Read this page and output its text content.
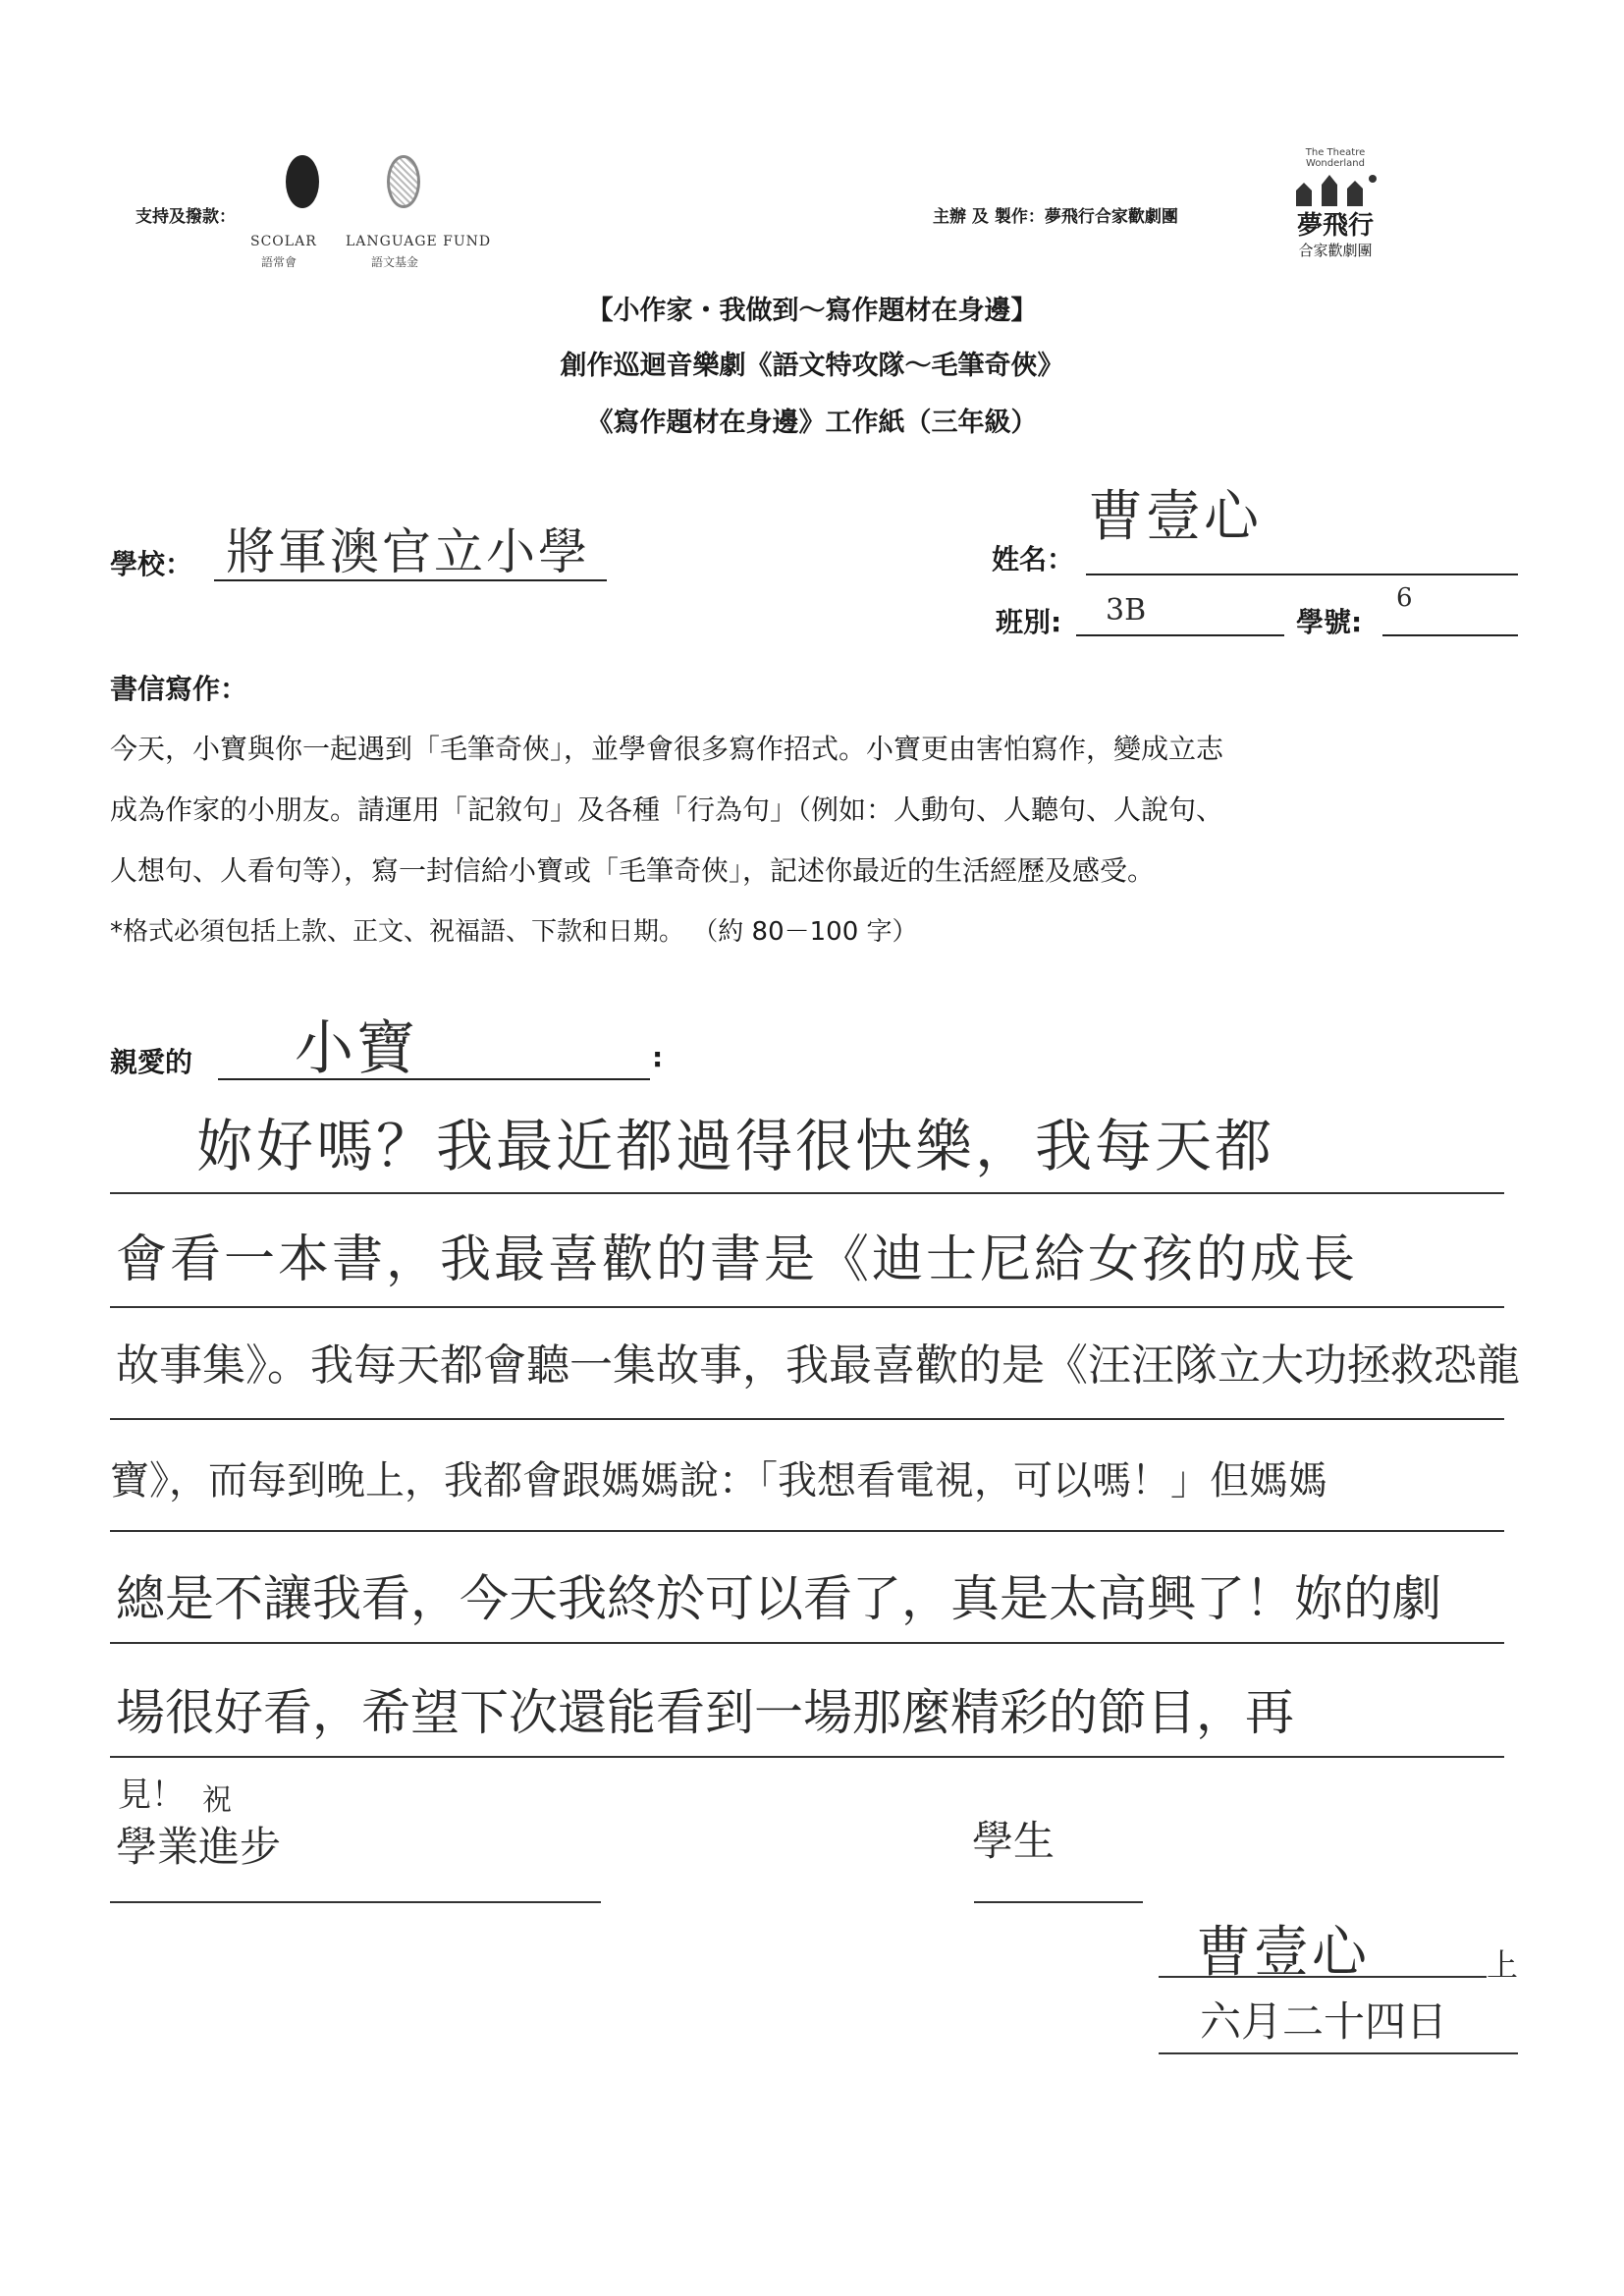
支持及撥款：
SCOLAR
語常會
LANGUAGE FUND
語文基金
主辦 及 製作：夢飛行合家歡劇團
The Theatre Wonderland
夢飛行
合家歡劇團
【小作家・我做到～寫作題材在身邊】
創作巡迴音樂劇《語文特攻隊～毛筆奇俠》
《寫作題材在身邊》工作紙（三年級）
學校： 將軍澳官立小學	姓名：
曹壹心
班別: 3B	學號:
6
書信寫作：
今天，小寶與你一起遇到「毛筆奇俠」，並學會很多寫作招式。小寶更由害怕寫作，變成立志
成為作家的小朋友。請運用「記敘句」及各種「行為句」（例如：人動句、人聽句、人說句、
人想句、人看句等），寫一封信給小寶或「毛筆奇俠」，記述你最近的生活經歷及感受。
*格式必須包括上款、正文、祝福語、下款和日期。 （約 80－100 字）
親愛的 小寶	:
妳好嗎？我最近都過得很快樂，我每天都
會看一本書，我最喜歡的書是《迪士尼給女孩的成長
故事集》。我每天都會聽一集故事，我最喜歡的是《汪汪隊立大功拯救恐龍
寶》，而每到晚上，我都會跟媽媽說：「我想看電視，可以嗎！」但媽媽
總是不讓我看，今天我終於可以看了，真是太高興了！妳的劇
場很好看，希望下次還能看到一場那麼精彩的節目，再
見！ 祝
學業進步	學生
曹壹心	上
六月二十四日
